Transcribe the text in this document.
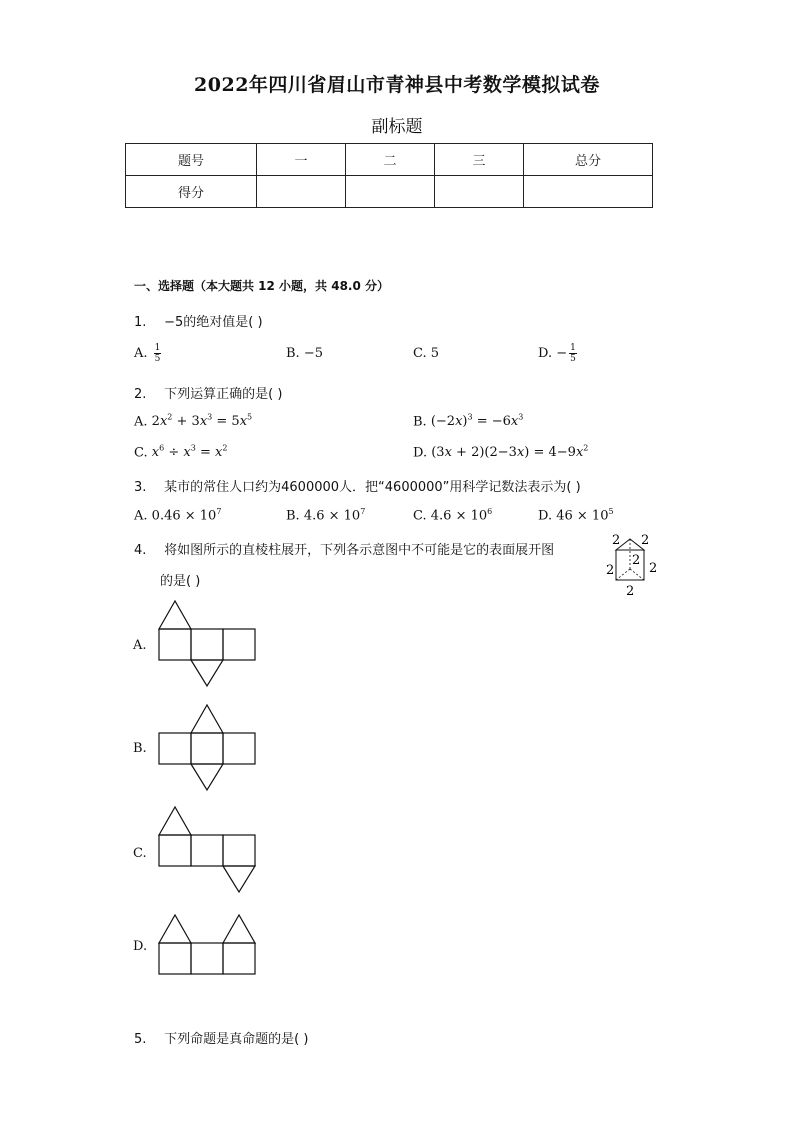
2022年四川省眉山市青神县中考数学模拟试卷
副标题
题号	一	二	三	总分
得分				
一、选择题（本大题共 12 小题，共 48.0 分）
1. −5的绝对值是( )
A. $\frac{1}{5}$	B. −5	C. 5	D. − $\frac{1}{5}$
2. 下列运算正确的是( )
A. $2x^2 + 3x^3 = 5x^5$	B. $(-2x)^3 = -6x^3$
C. $x^6 \div x^3 = x^2$	D. $(3x + 2)(2-3x) = 4-9x^2$
3. 某市的常住人口约为4600000人．把“4600000”用科学记数法表示为( )
A. $0.46 \times 10^7$	B. $4.6 \times 10^7$	C. $4.6 \times 10^6$	D. $46 \times 10^5$
4. 将如图所示的直棱柱展开，下列各示意图中不可能是它的表面展开图
的是( )
2 2
2
2	2
2
A.
B.
C.
D.
5. 下列命题是真命题的是( )
